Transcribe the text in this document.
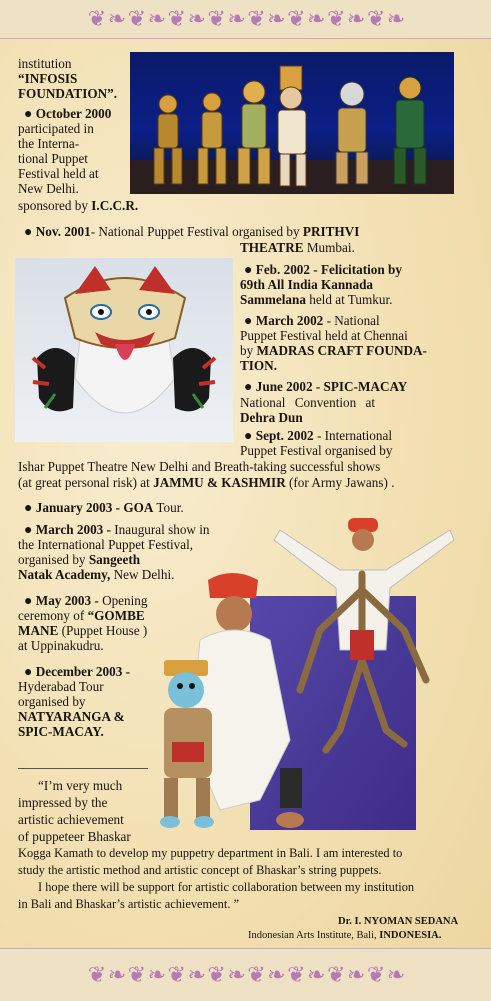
❦ ❧ ❦ ❧ ❦ ❧ ❦ ❧ ❦ ❧ ❦ ❧ ❦ ❧ ❦ ❧

institution

“INFOSIS

FOUNDATION”.

● October 2000

participated in

the Interna-

tional Puppet

Festival held at

New Delhi.

sponsored by I.C.C.R.

● Nov. 2001- National Puppet Festival organised by PRITHVI

THEATRE Mumbai.

● Feb. 2002 - Felicitation by

69th All India Kannada

Sammelana held at Tumkur.

● March 2002 - National

Puppet Festival held at Chennai

by MADRAS CRAFT FOUNDA-

TION.

● June 2002 - SPIC-MACAY

National Convention at

Dehra Dun

● Sept. 2002 - International

Puppet Festival organised by

Ishar Puppet Theatre New Delhi and Breath-taking successful shows

(at great personal risk) at JAMMU & KASHMIR (for Army Jawans) .

● January 2003 - GOA Tour.

● March 2003 - Inaugural show in

the International Puppet Festival,

organised by Sangeeth

Natak Academy, New Delhi.

● May 2003 - Opening

ceremony of “GOMBE

MANE (Puppet House )

at Uppinakudru.

● December 2003 -

Hyderabad Tour

organised by

NATYARANGA &

SPIC-MACAY.

“I’m very much

impressed by the

artistic achievement

of puppeteer Bhaskar

Kogga Kamath to develop my puppetry department in Bali. I am interested to

study the artistic method and artistic concept of Bhaskar’s string puppets.

I hope there will be support for artistic collaboration between my institution

in Bali and Bhaskar’s artistic achievement. ”

Dr. I. NYOMAN SEDANA

Indonesian Arts Institute, Bali, INDONESIA.

❦ ❧ ❦ ❧ ❦ ❧ ❦ ❧ ❦ ❧ ❦ ❧ ❦ ❧ ❦ ❧
